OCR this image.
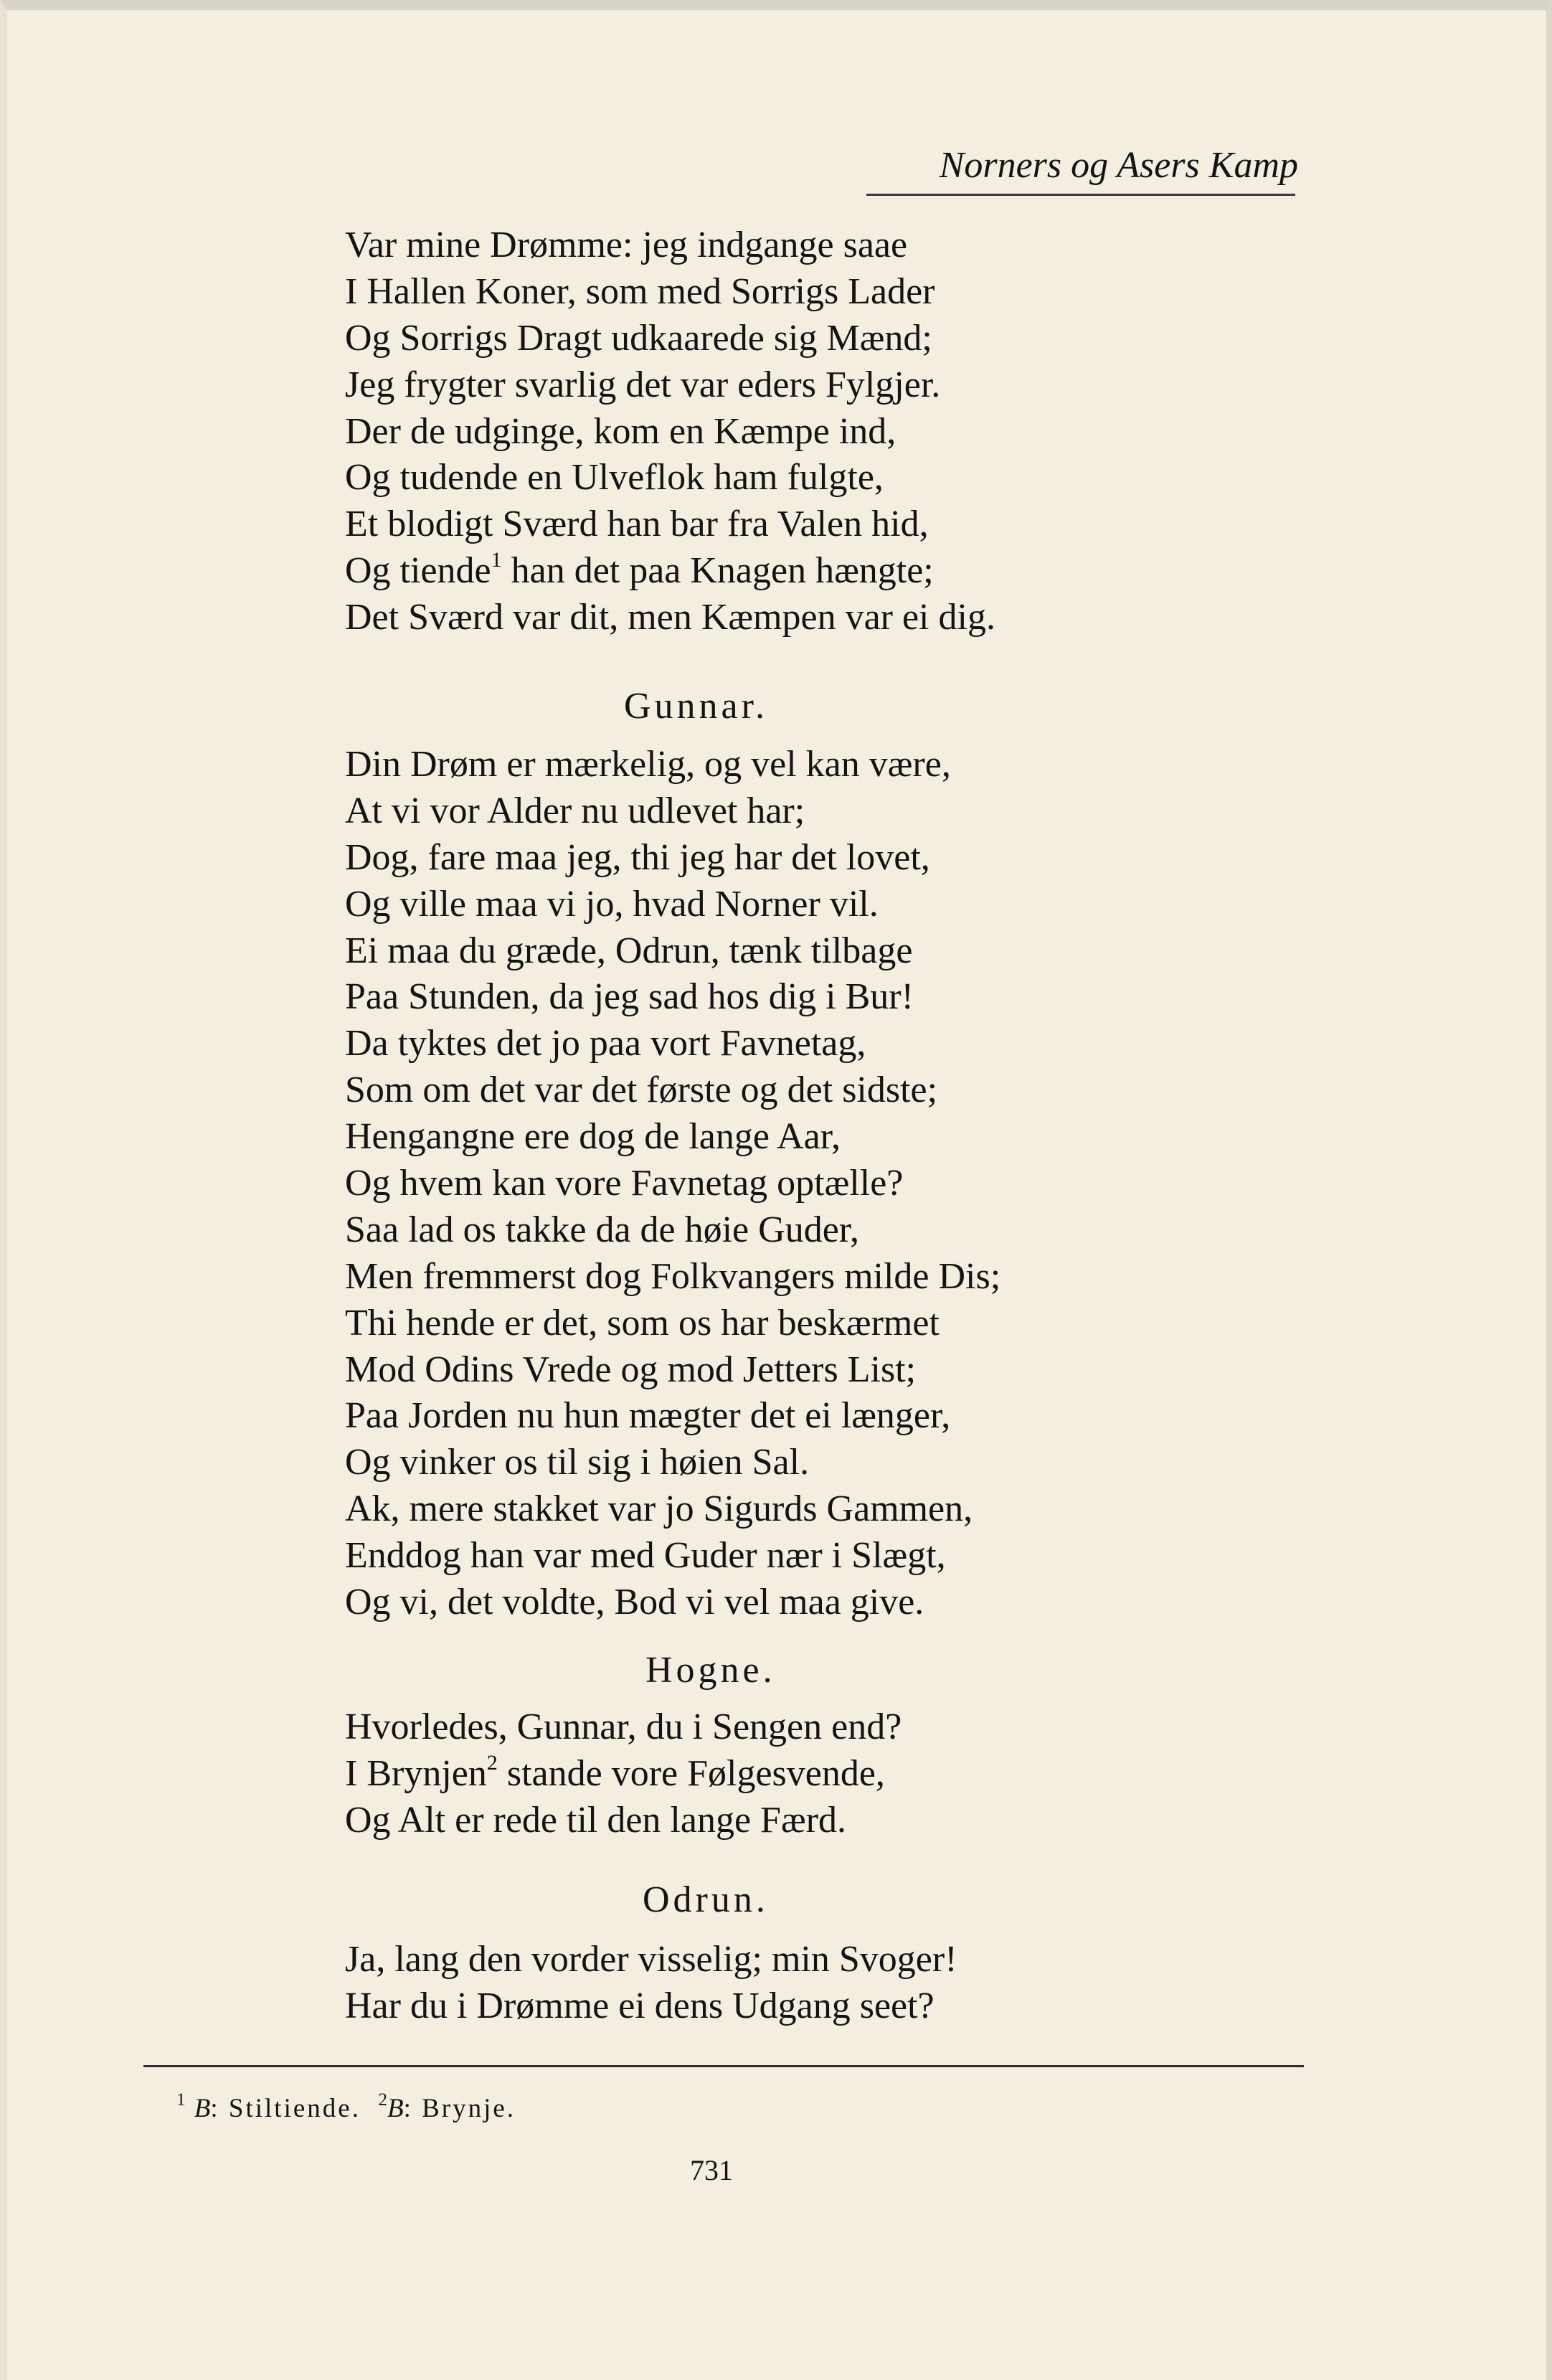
Norners og Asers Kamp
Var mine Drømme: jeg indgange saae
I Hallen Koner, som med Sorrigs Lader
Og Sorrigs Dragt udkaarede sig Mænd;
Jeg frygter svarlig det var eders Fylgjer.
Der de udginge, kom en Kæmpe ind,
Og tudende en Ulveflok ham fulgte,
Et blodigt Sværd han bar fra Valen hid,
Og tiende$^1$ han det paa Knagen hængte;
Det Sværd var dit, men Kæmpen var ei dig.
Gunnar.
Din Drøm er mærkelig, og vel kan være,
At vi vor Alder nu udlevet har;
Dog, fare maa jeg, thi jeg har det lovet,
Og ville maa vi jo, hvad Norner vil.
Ei maa du græde, Odrun, tænk tilbage
Paa Stunden, da jeg sad hos dig i Bur!
Da tyktes det jo paa vort Favnetag,
Som om det var det første og det sidste;
Hengangne ere dog de lange Aar,
Og hvem kan vore Favnetag optælle?
Saa lad os takke da de høie Guder,
Men fremmerst dog Folkvangers milde Dis;
Thi hende er det, som os har beskærmet
Mod Odins Vrede og mod Jetters List;
Paa Jorden nu hun mægter det ei længer,
Og vinker os til sig i høien Sal.
Ak, mere stakket var jo Sigurds Gammen,
Enddog han var med Guder nær i Slægt,
Og vi, det voldte, Bod vi vel maa give.
Hogne.
Hvorledes, Gunnar, du i Sengen end?
I Brynjen$^2$ stande vore Følgesvende,
Og Alt er rede til den lange Færd.
Odrun.
Ja, lang den vorder visselig; min Svoger!
Har du i Drømme ei dens Udgang seet?
$^1$ B: Stiltiende. $^2$B: Brynje.
731
